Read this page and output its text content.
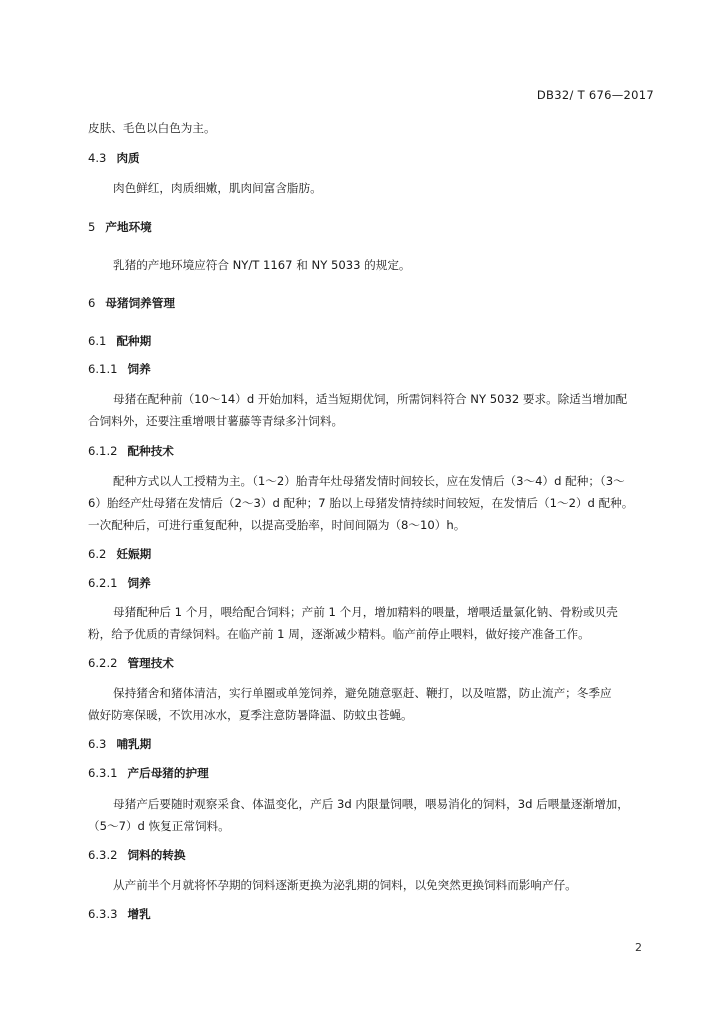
DB32/ T 676—2017
皮肤、毛色以白色为主。
4.3 肉质
肉色鲜红，肉质细嫩，肌肉间富含脂肪。
5 产地环境
乳猪的产地环境应符合 NY/T 1167 和 NY 5033 的规定。
6 母猪饲养管理
6.1 配种期
6.1.1 饲养
母猪在配种前（10～14）d 开始加料，适当短期优饲，所需饲料符合 NY 5032 要求。除适当增加配
合饲料外，还要注重增喂甘薯藤等青绿多汁饲料。
6.1.2 配种技术
配种方式以人工授精为主。（1～2）胎青年灶母猪发情时间较长，应在发情后（3～4）d 配种；（3～
6）胎经产灶母猪在发情后（2～3）d 配种；7 胎以上母猪发情持续时间较短，在发情后（1～2）d 配种。
一次配种后，可进行重复配种，以提高受胎率，时间间隔为（8～10）h。
6.2 妊娠期
6.2.1 饲养
母猪配种后 1 个月，喂给配合饲料；产前 1 个月，增加精料的喂量，增喂适量氯化钠、骨粉或贝壳
粉，给予优质的青绿饲料。在临产前 1 周，逐渐减少精料。临产前停止喂料，做好接产准备工作。
6.2.2 管理技术
保持猪舍和猪体清洁，实行单圈或单笼饲养，避免随意驱赶、鞭打，以及喧嚣，防止流产；冬季应
做好防寒保暖，不饮用冰水，夏季注意防暑降温、防蚊虫苍蝇。
6.3 哺乳期
6.3.1 产后母猪的护理
母猪产后要随时观察采食、体温变化，产后 3d 内限量饲喂，喂易消化的饲料，3d 后喂量逐渐增加，
（5～7）d 恢复正常饲料。
6.3.2 饲料的转换
从产前半个月就将怀孕期的饲料逐渐更换为泌乳期的饲料，以免突然更换饲料而影响产仔。
6.3.3 增乳
2
